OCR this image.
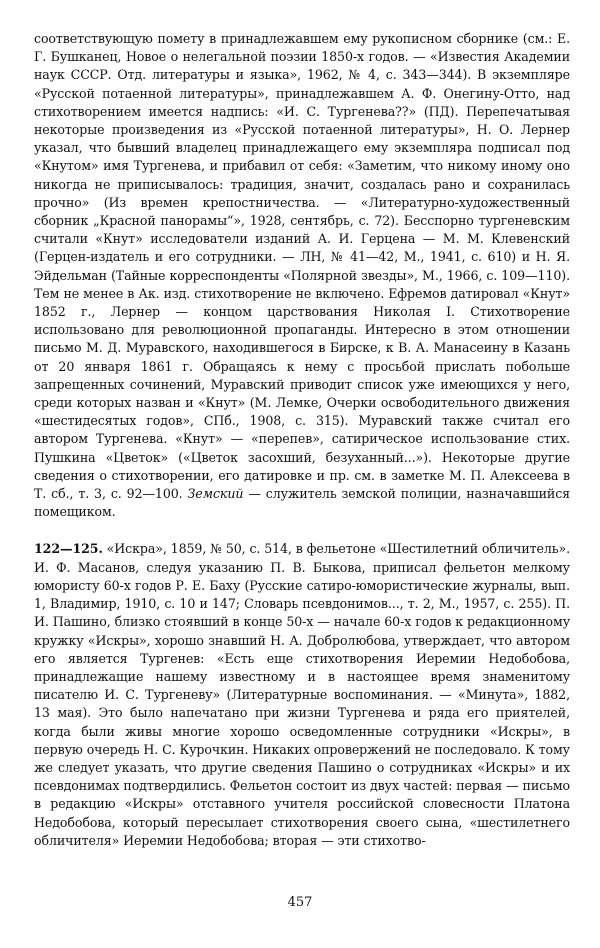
соответствующую помету в принадлежавшем ему рукописном сборнике (см.: Е. Г. Бушканец, Новое о нелегальной поэзии 1850-х годов. — «Известия Академии наук СССР. Отд. литературы и языка», 1962, № 4, с. 343—344). В экземпляре «Русской потаенной литературы», принадлежавшем А. Ф. Онегину-Отто, над стихотворением имеется надпись: «И. С. Тургенева??» (ПД). Перепечатывая некоторые произведения из «Русской потаенной литературы», Н. О. Лернер указал, что бывший владелец принадлежащего ему экземпляра подписал под «Кнутом» имя Тургенева, и прибавил от себя: «Заметим, что никому иному оно никогда не приписывалось: традиция, значит, создалась рано и сохранилась прочно» (Из времен крепостничества. — «Литературно-художественный сборник „Красной панорамы“», 1928, сентябрь, с. 72). Бесспорно тургеневским считали «Кнут» исследователи изданий А. И. Герцена — М. М. Клевенский (Герцен-издатель и его сотрудники. — ЛН, № 41—42, М., 1941, с. 610) и Н. Я. Эйдельман (Тайные корреспонденты «Полярной звезды», М., 1966, с. 109—110). Тем не менее в Ак. изд. стихотворение не включено. Ефремов датировал «Кнут» 1852 г., Лернер — концом царствования Николая I. Стихотворение использовано для революционной пропаганды. Интересно в этом отношении письмо М. Д. Муравского, находившегося в Бирске, к В. А. Манасеину в Казань от 20 января 1861 г. Обращаясь к нему с просьбой прислать побольше запрещенных сочинений, Муравский приводит список уже имеющихся у него, среди которых назван и «Кнут» (М. Лемке, Очерки освободительного движения «шестидесятых годов», СПб., 1908, с. 315). Муравский также считал его автором Тургенева. «Кнут» — «перепев», сатирическое использование стих. Пушкина «Цветок» («Цветок засохший, безуханный...»). Некоторые другие сведения о стихотворении, его датировке и пр. см. в заметке М. П. Алексеева в Т. сб., т. 3, с. 92—100. Земский — служитель земской полиции, назначавшийся помещиком.

122—125. «Искра», 1859, № 50, с. 514, в фельетоне «Шестилетний обличитель». И. Ф. Масанов, следуя указанию П. В. Быкова, приписал фельетон мелкому юмористу 60-х годов Р. Е. Баху (Русские сатиро-юмористические журналы, вып. 1, Владимир, 1910, с. 10 и 147; Словарь псевдонимов..., т. 2, М., 1957, с. 255). П. И. Пашино, близко стоявший в конце 50-х — начале 60-х годов к редакционному кружку «Искры», хорошо знавший Н. А. Добролюбова, утверждает, что автором его является Тургенев: «Есть еще стихотворения Иеремии Недобобова, принадлежащие нашему известному и в настоящее время знаменитому писателю И. С. Тургеневу» (Литературные воспоминания. — «Минута», 1882, 13 мая). Это было напечатано при жизни Тургенева и ряда его приятелей, когда были живы многие хорошо осведомленные сотрудники «Искры», в первую очередь Н. С. Курочкин. Никаких опровержений не последовало. К тому же следует указать, что другие сведения Пашино о сотрудниках «Искры» и их псевдонимах подтвердились. Фельетон состоит из двух частей: первая — письмо в редакцию «Искры» отставного учителя российской словесности Платона Недобобова, который пересылает стихотворения своего сына, «шестилетнего обличителя» Иеремии Недобобова; вторая — эти стихотво-

457
